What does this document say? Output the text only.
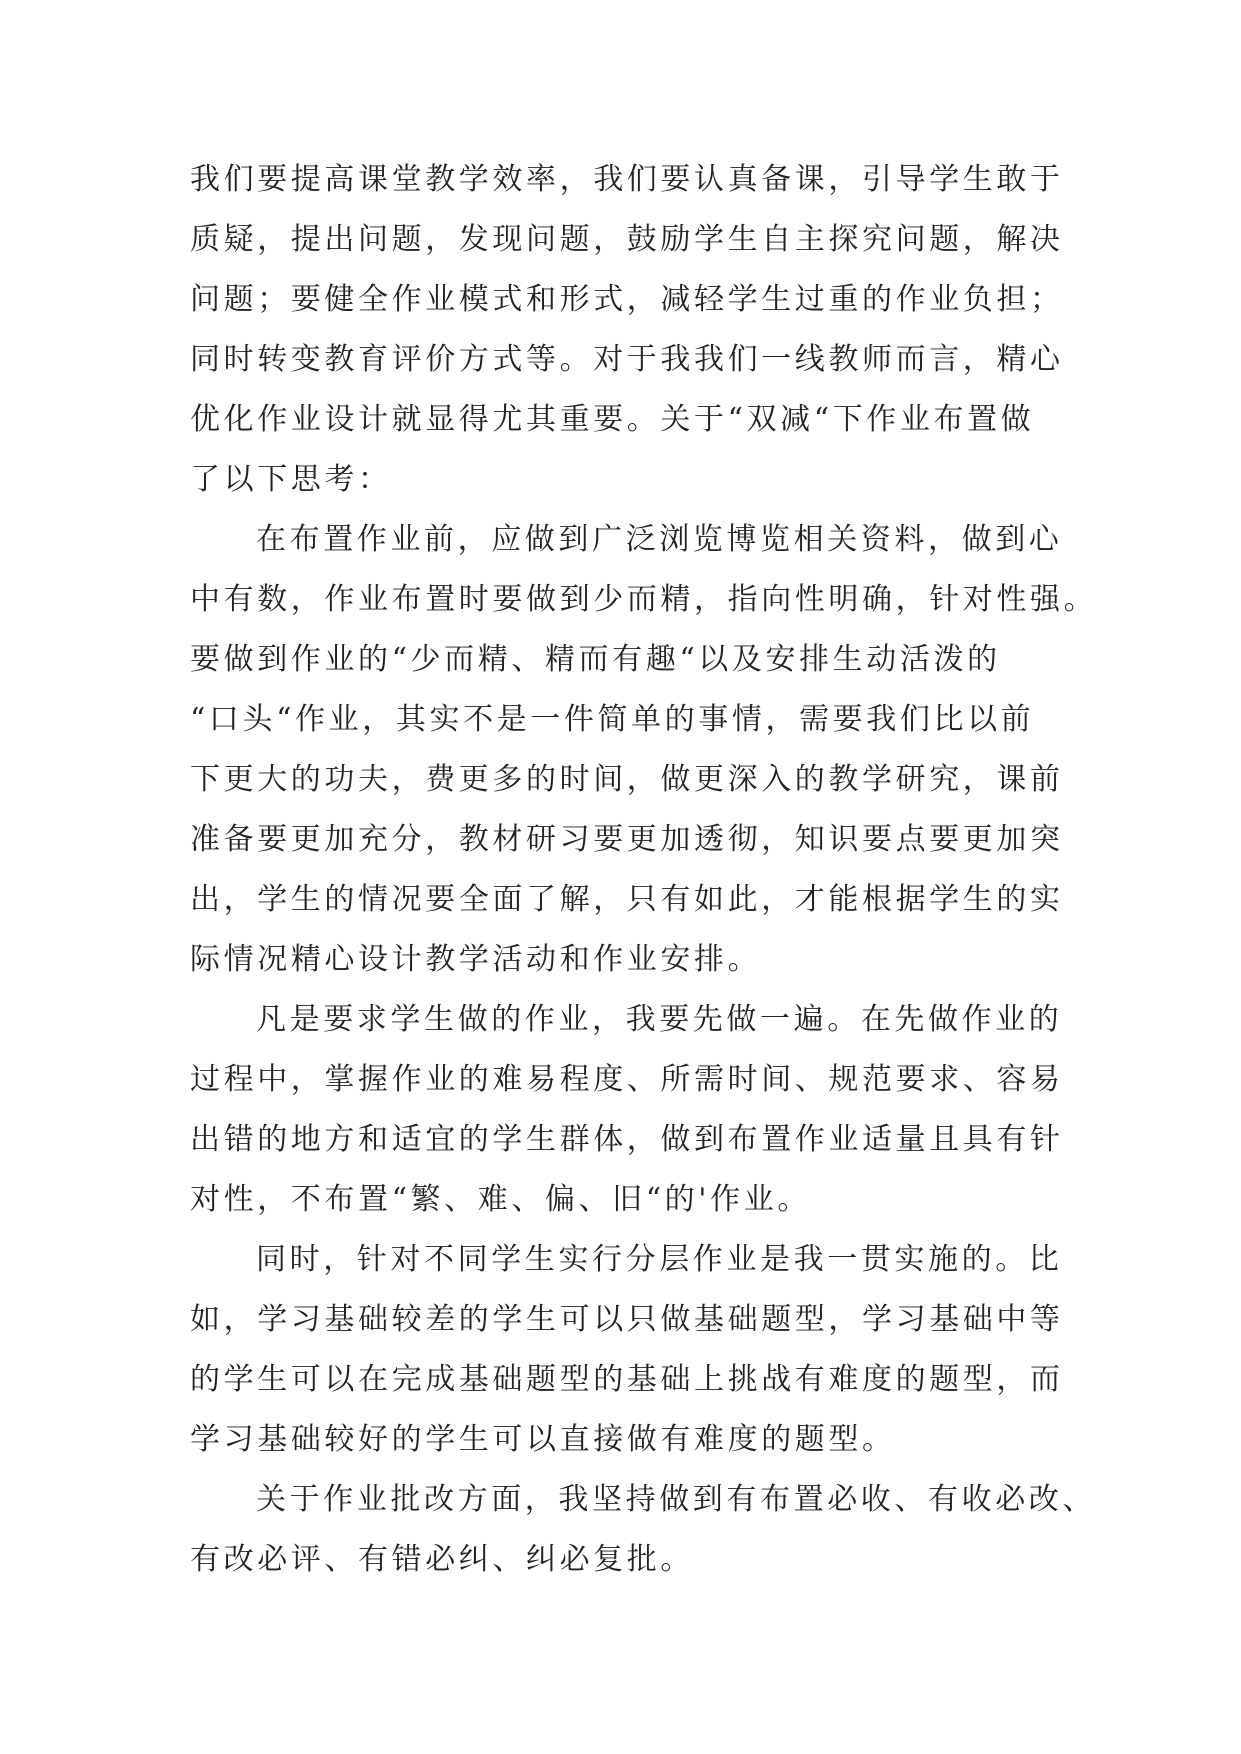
我们要提高课堂教学效率，我们要认真备课，引导学生敢于
质疑，提出问题，发现问题，鼓励学生自主探究问题，解决
问题；要健全作业模式和形式，减轻学生过重的作业负担；
同时转变教育评价方式等。对于我我们一线教师而言，精心
优化作业设计就显得尤其重要。关于“双减“下作业布置做
了以下思考：
在布置作业前，应做到广泛浏览博览相关资料，做到心
中有数，作业布置时要做到少而精，指向性明确，针对性强。
要做到作业的“少而精、精而有趣“以及安排生动活泼的
“口头“作业，其实不是一件简单的事情，需要我们比以前
下更大的功夫，费更多的时间，做更深入的教学研究，课前
准备要更加充分，教材研习要更加透彻，知识要点要更加突
出，学生的情况要全面了解，只有如此，才能根据学生的实
际情况精心设计教学活动和作业安排。
凡是要求学生做的作业，我要先做一遍。在先做作业的
过程中，掌握作业的难易程度、所需时间、规范要求、容易
出错的地方和适宜的学生群体，做到布置作业适量且具有针
对性，不布置“繁、难、偏、旧“的'作业。
同时，针对不同学生实行分层作业是我一贯实施的。比
如，学习基础较差的学生可以只做基础题型，学习基础中等
的学生可以在完成基础题型的基础上挑战有难度的题型，而
学习基础较好的学生可以直接做有难度的题型。
关于作业批改方面，我坚持做到有布置必收、有收必改、
有改必评、有错必纠、纠必复批。
